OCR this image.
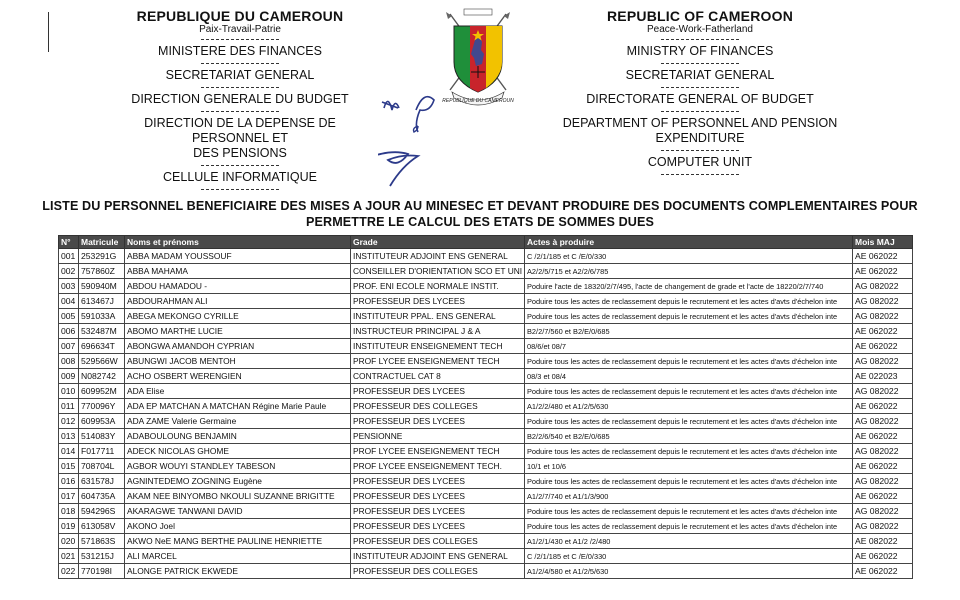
REPUBLIQUE DU CAMEROUN
Paix-Travail-Patrie
MINISTERE DES FINANCES
SECRETARIAT GENERAL
DIRECTION GENERALE DU BUDGET
DIRECTION DE LA DEPENSE DE PERSONNEL ET
DES PENSIONS
CELLULE INFORMATIQUE
REPUBLIC OF CAMEROON
Peace-Work-Fatherland
MINISTRY OF FINANCES
SECRETARIAT GENERAL
DIRECTORATE GENERAL OF BUDGET
DEPARTMENT OF PERSONNEL AND PENSION
EXPENDITURE
COMPUTER UNIT
REPUBLIQUE DU CAMEROUN
LISTE DU PERSONNEL BENEFICIAIRE DES MISES A JOUR AU MINESEC ET DEVANT PRODUIRE DES DOCUMENTS COMPLEMENTAIRES POUR
PERMETTRE LE CALCUL DES ETATS DE SOMMES DUES
N°	Matricule	Noms et prénoms	Grade	Actes à produire	Mois MAJ
001	253291G	ABBA MADAM YOUSSOUF	INSTITUTEUR ADJOINT ENS GENERAL	C /2/1/185 et C /E/0/330	AE 062022
002	757860Z	ABBA MAHAMA	CONSEILLER D'ORIENTATION SCO ET UNI	A2/2/5/715 et A2/2/6/785	AE 062022
003	590940M	ABDOU HAMADOU -	PROF. ENI ECOLE NORMALE INSTIT.	Poduire l'acte de 18320/2/7/495, l'acte de changement de grade et l'acte de 18220/2/7/740	AG 082022
004	613467J	ABDOURAHMAN ALI	PROFESSEUR DES LYCEES	Poduire tous les actes de reclassement depuis le recrutement et les actes d'avts d'échelon inte	AG 082022
005	591033A	ABEGA MEKONGO CYRILLE	INSTITUTEUR PPAL. ENS GENERAL	Poduire tous les actes de reclassement depuis le recrutement et les actes d'avts d'échelon inte	AG 082022
006	532487M	ABOMO MARTHE LUCIE	INSTRUCTEUR PRINCIPAL J & A	B2/2/7/560 et B2/E/0/685	AE 062022
007	696634T	ABONGWA AMANDOH CYPRIAN	INSTITUTEUR ENSEIGNEMENT TECH	08/6/et 08/7	AE 062022
008	529566W	ABUNGWI JACOB MENTOH	PROF LYCEE ENSEIGNEMENT TECH	Poduire tous les actes de reclassement depuis le recrutement et les actes d'avts d'échelon inte	AG 082022
009	N082742	ACHO OSBERT WERENGIEN	CONTRACTUEL CAT 8	08/3 et 08/4	AE 022023
010	609952M	ADA Elise	PROFESSEUR DES LYCEES	Poduire tous les actes de reclassement depuis le recrutement et les actes d'avts d'échelon inte	AG 082022
011	770096Y	ADA EP MATCHAN A MATCHAN Régine Marie Paule	PROFESSEUR DES COLLEGES	A1/2/2/480 et A1/2/5/630	AE 062022
012	609953A	ADA ZAME Valerie Germaine	PROFESSEUR DES LYCEES	Poduire tous les actes de reclassement depuis le recrutement et les actes d'avts d'échelon inte	AG 082022
013	514083Y	ADABOULOUNG BENJAMIN	PENSIONNE	B2/2/6/540 et B2/E/0/685	AE 062022
014	F017711	ADECK NICOLAS GHOME	PROF LYCEE ENSEIGNEMENT TECH	Poduire tous les actes de reclassement depuis le recrutement et les actes d'avts d'échelon inte	AG 082022
015	708704L	AGBOR WOUYI STANDLEY TABESON	PROF LYCEE ENSEIGNEMENT TECH.	10/1 et 10/6	AE 062022
016	631578J	AGNINTEDEMO ZOGNING Eugène	PROFESSEUR DES LYCEES	Poduire tous les actes de reclassement depuis le recrutement et les actes d'avts d'échelon inte	AG 082022
017	604735A	AKAM NEE BINYOMBO NKOULI SUZANNE BRIGITTE	PROFESSEUR DES LYCEES	A1/2/7/740 et A1/1/3/900	AE 062022
018	594296S	AKARAGWE TANWANI DAVID	PROFESSEUR DES LYCEES	Poduire tous les actes de reclassement depuis le recrutement et les actes d'avts d'échelon inte	AG 082022
019	613058V	AKONO Joel	PROFESSEUR DES LYCEES	Poduire tous les actes de reclassement depuis le recrutement et les actes d'avts d'échelon inte	AG 082022
020	571863S	AKWO NeE MANG BERTHE PAULINE HENRIETTE	PROFESSEUR DES COLLEGES	A1/2/1/430 et A1/2 /2/480	AE 082022
021	531215J	ALI MARCEL	INSTITUTEUR ADJOINT ENS GENERAL	C /2/1/185 et C /E/0/330	AE 062022
022	770198I	ALONGE PATRICK EKWEDE	PROFESSEUR DES COLLEGES	A1/2/4/580 et A1/2/5/630	AE 062022
